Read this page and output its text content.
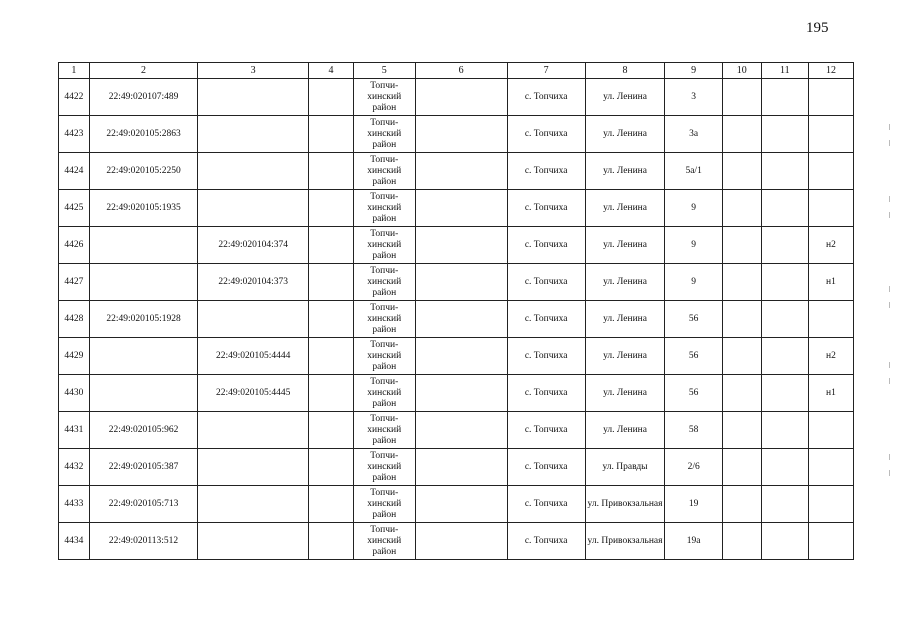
195
1	2	3	4	5	6	7	8	9	10	11	12
4422	22:49:020107:489			Топчи-
хинский
район		с. Топчиха	ул. Ленина	3			
4423	22:49:020105:2863			Топчи-
хинский
район		с. Топчиха	ул. Ленина	3а			
4424	22:49:020105:2250			Топчи-
хинский
район		с. Топчиха	ул. Ленина	5а/1			
4425	22:49:020105:1935			Топчи-
хинский
район		с. Топчиха	ул. Ленина	9			
4426		22:49:020104:374		Топчи-
хинский
район		с. Топчиха	ул. Ленина	9			н2
4427		22:49:020104:373		Топчи-
хинский
район		с. Топчиха	ул. Ленина	9			н1
4428	22:49:020105:1928			Топчи-
хинский
район		с. Топчиха	ул. Ленина	56			
4429		22:49:020105:4444		Топчи-
хинский
район		с. Топчиха	ул. Ленина	56			н2
4430		22:49:020105:4445		Топчи-
хинский
район		с. Топчиха	ул. Ленина	56			н1
4431	22:49:020105:962			Топчи-
хинский
район		с. Топчиха	ул. Ленина	58			
4432	22:49:020105:387			Топчи-
хинский
район		с. Топчиха	ул. Правды	2/6			
4433	22:49:020105:713			Топчи-
хинский
район		с. Топчиха	ул. Привокзальная	19			
4434	22:49:020113:512			Топчи-
хинский
район		с. Топчиха	ул. Привокзальная	19а			
